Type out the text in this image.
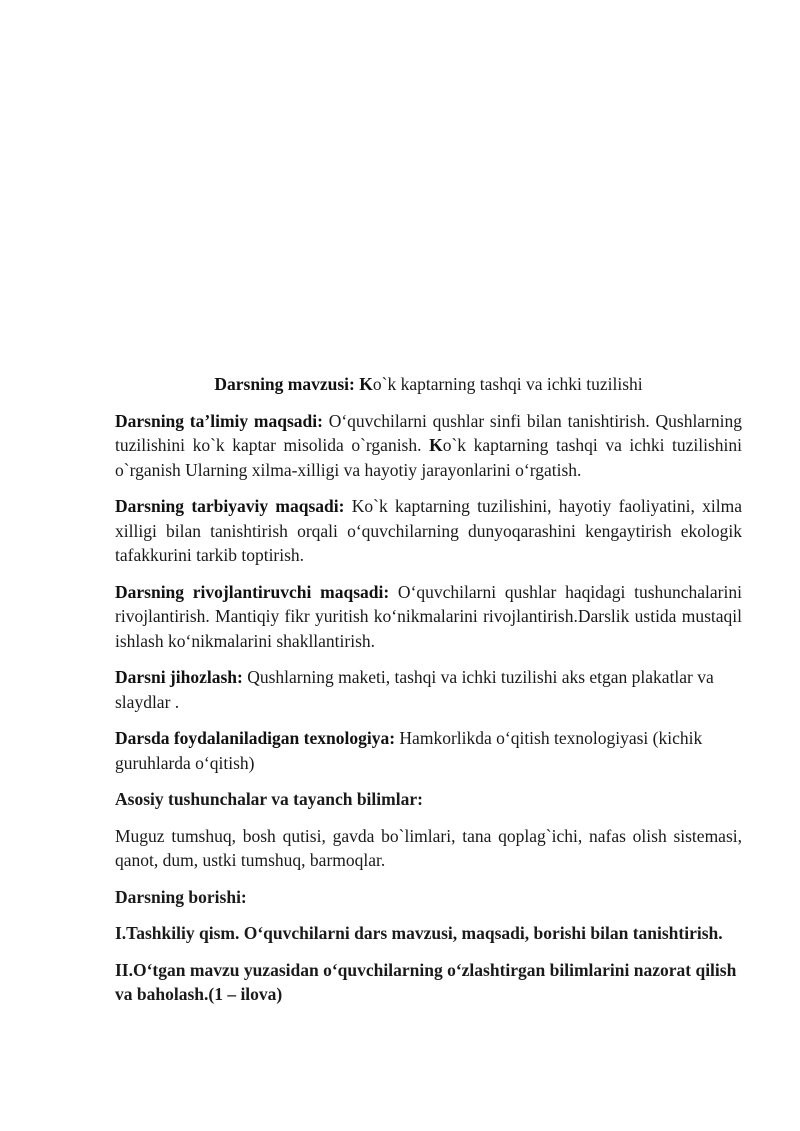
Darsning mavzusi: Ko`k kaptarning tashqi va ichki tuzilishi

Darsning ta’limiy maqsadi: O‘quvchilarni qushlar sinfi bilan tanishtirish. Qushlarning tuzilishini ko`k kaptar misolida o`rganish. Ko`k kaptarning tashqi va ichki tuzilishini o`rganish Ularning xilma-xilligi va hayotiy jarayonlarini o‘rgatish.

Darsning tarbiyaviy maqsadi: Ko`k kaptarning tuzilishini, hayotiy faoliyatini, xilma xilligi bilan tanishtirish orqali o‘quvchilarning dunyoqarashini kengaytirish ekologik tafakkurini tarkib toptirish.

Darsning rivojlantiruvchi maqsadi: O‘quvchilarni qushlar haqidagi tushunchalarini rivojlantirish. Mantiqiy fikr yuritish ko‘nikmalarini rivojlantirish.Darslik ustida mustaqil ishlash ko‘nikmalarini shakllantirish.

Darsni jihozlash: Qushlarning maketi, tashqi va ichki tuzilishi aks etgan plakatlar va slaydlar .

Darsda foydalaniladigan texnologiya: Hamkorlikda o‘qitish texnologiyasi (kichik guruhlarda o‘qitish)

Asosiy tushunchalar va tayanch bilimlar:

Muguz tumshuq, bosh qutisi, gavda bo`limlari, tana qoplag`ichi, nafas olish sistemasi, qanot, dum, ustki tumshuq, barmoqlar.

Darsning borishi:

I.Tashkiliy qism. O‘quvchilarni dars mavzusi, maqsadi, borishi bilan tanishtirish.

II.O‘tgan mavzu yuzasidan o‘quvchilarning o‘zlashtirgan bilimlarini nazorat qilish va baholash.(1 – ilova)
